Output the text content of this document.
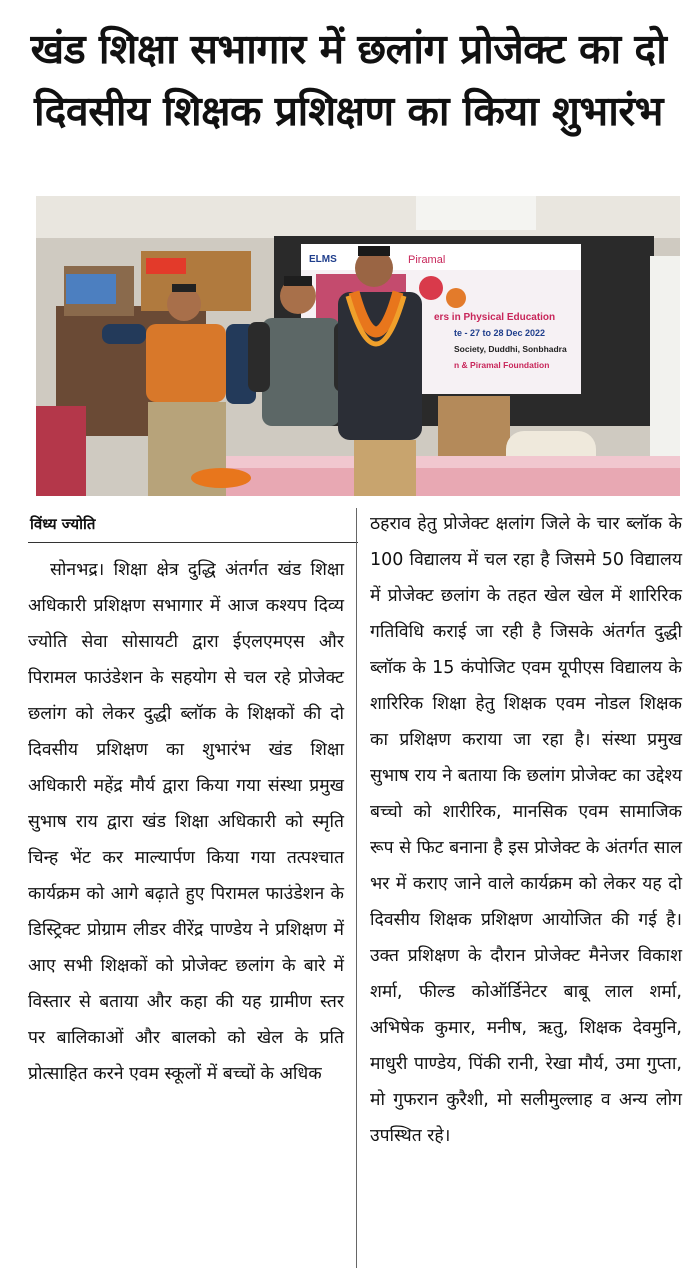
खंड शिक्षा सभागार में छलांग प्रोजेक्ट का दो
दिवसीय शिक्षक प्रशिक्षण का किया शुभारंभ
Piramal
ELMS
ers in Physical Education
te - 27 to 28 Dec 2022
Society, Duddhi, Sonbhadra
n & Piramal Foundation
विंध्य ज्योति
सोनभद्र। शिक्षा क्षेत्र दुद्धि अंतर्गत खंड शिक्षा अधिकारी प्रशिक्षण सभागार में आज कश्यप दिव्य ज्योति सेवा सोसायटी द्वारा ईएलएमएस और पिरामल फाउंडेशन के सहयोग से चल रहे प्रोजेक्ट छलांग को लेकर दुद्धी ब्लॉक के शिक्षकों की दो दिवसीय प्रशिक्षण का शुभारंभ खंड शिक्षा अधिकारी महेंद्र मौर्य द्वारा किया गया संस्था प्रमुख सुभाष राय द्वारा खंड शिक्षा अधिकारी को स्मृति चिन्ह भेंट कर माल्यार्पण किया गया तत्पश्चात कार्यक्रम को आगे बढ़ाते हुए पिरामल फाउंडेशन के डिस्ट्रिक्ट प्रोग्राम लीडर वीरेंद्र पाण्डेय ने प्रशिक्षण में आए सभी शिक्षकों को प्रोजेक्ट छलांग के बारे में विस्तार से बताया और कहा की यह ग्रामीण स्तर पर बालिकाओं और बालको को खेल के प्रति प्रोत्साहित करने एवम स्कूलों में बच्चों के अधिक
ठहराव हेतु प्रोजेक्ट क्षलांग जिले के चार ब्लॉक के 100 विद्यालय में चल रहा है जिसमे 50 विद्यालय में प्रोजेक्ट छलांग के तहत खेल खेल में शारिरिक गतिविधि कराई जा रही है जिसके अंतर्गत दुद्धी ब्लॉक के 15 कंपोजिट एवम यूपीएस विद्यालय के शारिरिक शिक्षा हेतु शिक्षक एवम नोडल शिक्षक का प्रशिक्षण कराया जा रहा है। संस्था प्रमुख सुभाष राय ने बताया कि छलांग प्रोजेक्ट का उद्देश्य बच्चो को शारीरिक, मानसिक एवम सामाजिक रूप से फिट बनाना है इस प्रोजेक्ट के अंतर्गत साल भर में कराए जाने वाले कार्यक्रम को लेकर यह दो दिवसीय शिक्षक प्रशिक्षण आयोजित की गई है। उक्त प्रशिक्षण के दौरान प्रोजेक्ट मैनेजर विकाश शर्मा, फील्ड कोऑर्डिनेटर बाबू लाल शर्मा, अभिषेक कुमार, मनीष, ऋतु, शिक्षक देवमुनि, माधुरी पाण्डेय, पिंकी रानी, रेखा मौर्य, उमा गुप्ता, मो गुफरान कुरैशी, मो सलीमुल्लाह व अन्य लोग उपस्थित रहे।
